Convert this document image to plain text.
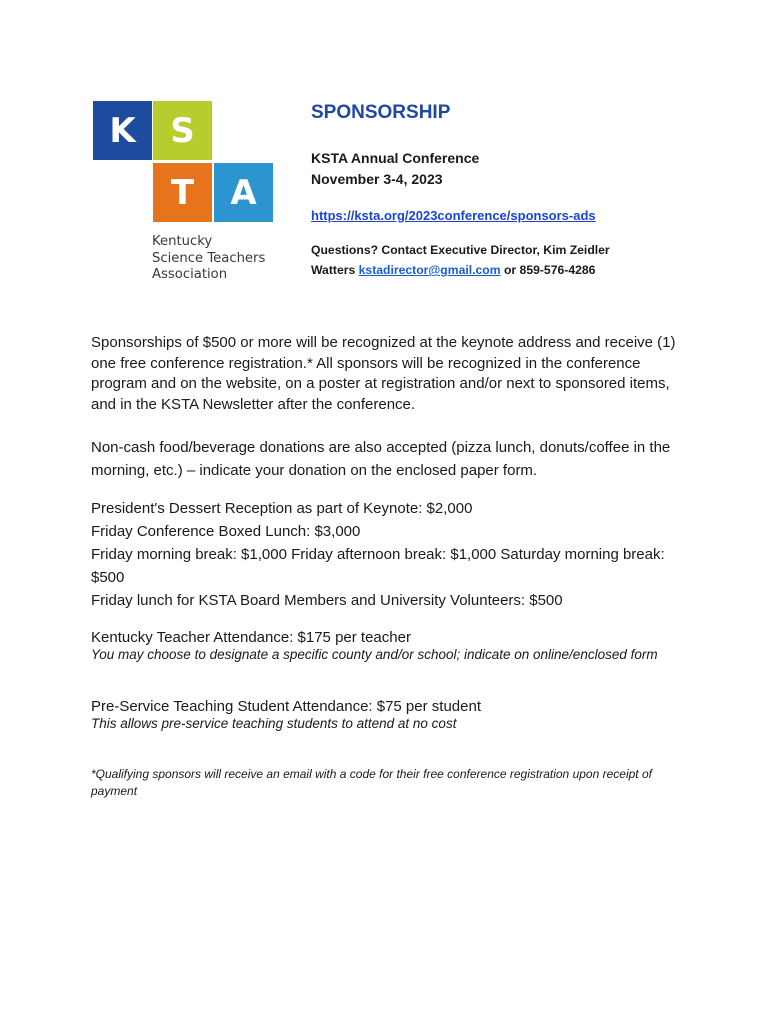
K	S
T	A
Kentucky
Science Teachers
Association
SPONSORSHIP
KSTA Annual Conference
November 3-4, 2023
https://ksta.org/2023conference/sponsors-ads
Questions? Contact Executive Director, Kim Zeidler Watters kstadirector@gmail.com or 859-576-4286
Sponsorships of $500 or more will be recognized at the keynote address and receive (1) one free conference registration.* All sponsors will be recognized in the conference program and on the website, on a poster at registration and/or next to sponsored items, and in the KSTA Newsletter after the conference.
Non-cash food/beverage donations are also accepted (pizza lunch, donuts/coffee in the morning, etc.) – indicate your donation on the enclosed paper form.
President's Dessert Reception as part of Keynote: $2,000
Friday Conference Boxed Lunch: $3,000
Friday morning break: $1,000 Friday afternoon break: $1,000 Saturday morning break: $500
Friday lunch for KSTA Board Members and University Volunteers: $500
Kentucky Teacher Attendance: $175 per teacher
You may choose to designate a specific county and/or school; indicate on online/enclosed form
Pre-Service Teaching Student Attendance: $75 per student
This allows pre-service teaching students to attend at no cost
*Qualifying sponsors will receive an email with a code for their free conference registration upon receipt of payment
